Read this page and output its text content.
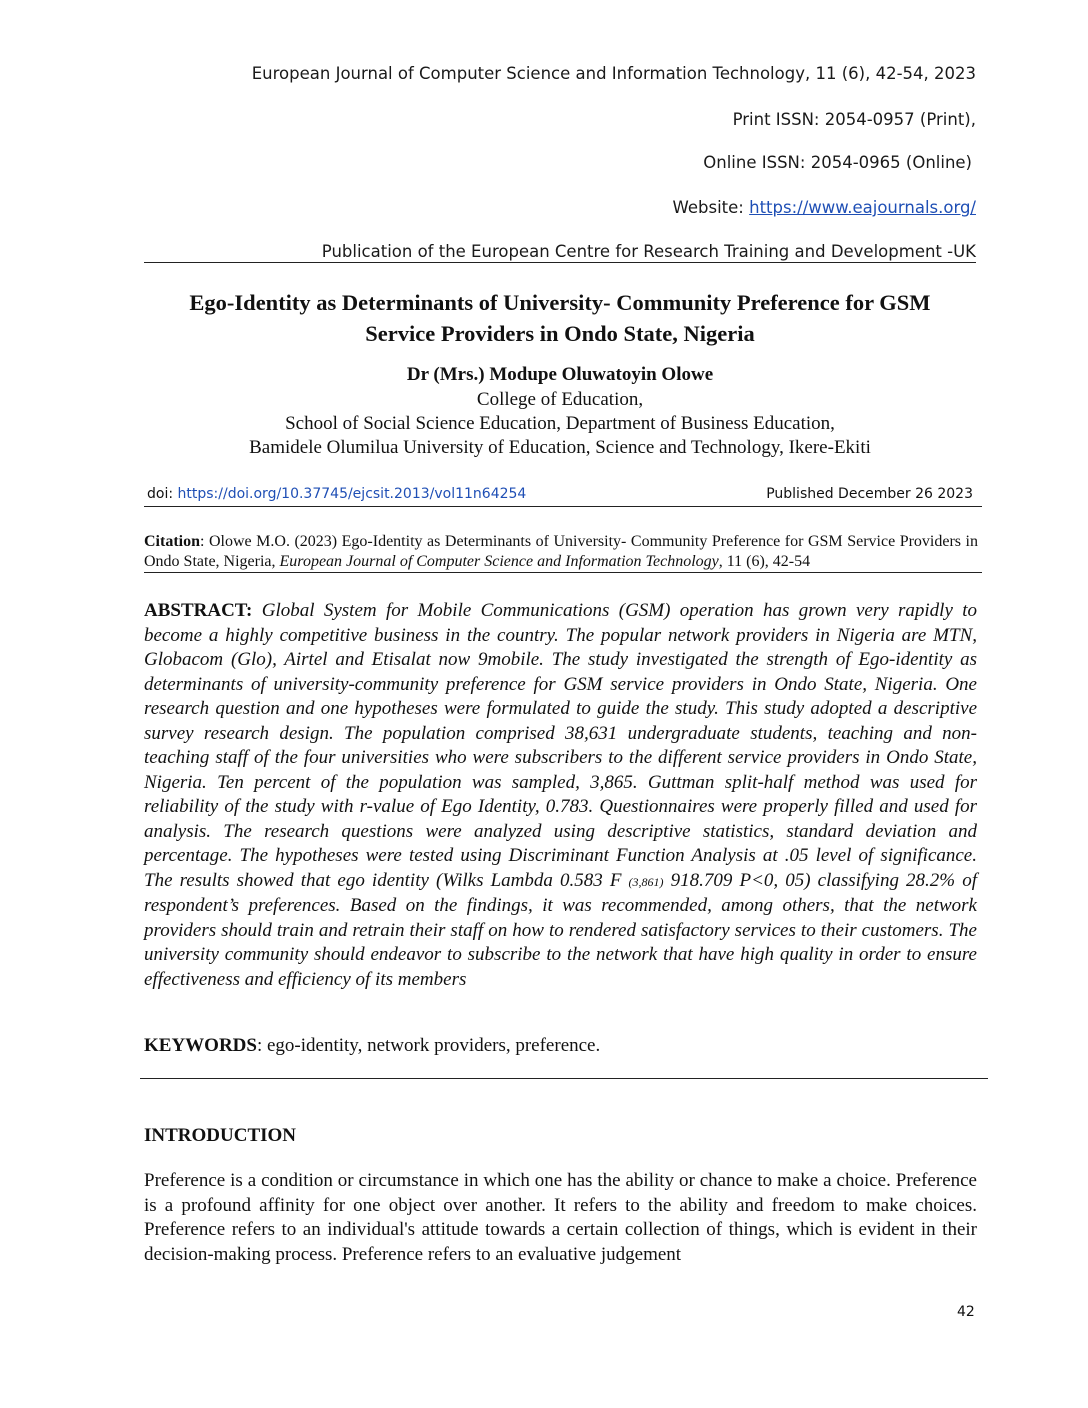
European Journal of Computer Science and Information Technology, 11 (6), 42-54, 2023
Print ISSN: 2054-0957 (Print),
Online ISSN: 2054-0965 (Online)
Website: https://www.eajournals.org/
Publication of the European Centre for Research Training and Development -UK
Ego-Identity as Determinants of University- Community Preference for GSM
Service Providers in Ondo State, Nigeria
Dr (Mrs.) Modupe Oluwatoyin Olowe
College of Education,
School of Social Science Education, Department of Business Education,
Bamidele Olumilua University of Education, Science and Technology, Ikere-Ekiti
doi: https://doi.org/10.37745/ejcsit.2013/vol11n64254	Published December 26 2023
Citation: Olowe M.O. (2023) Ego-Identity as Determinants of University- Community Preference for GSM Service Providers in Ondo State, Nigeria, European Journal of Computer Science and Information Technology, 11 (6), 42-54
ABSTRACT: Global System for Mobile Communications (GSM) operation has grown very rapidly to become a highly competitive business in the country. The popular network providers in Nigeria are MTN, Globacom (Glo), Airtel and Etisalat now 9mobile. The study investigated the strength of Ego-identity as determinants of university-community preference for GSM service providers in Ondo State, Nigeria. One research question and one hypotheses were formulated to guide the study. This study adopted a descriptive survey research design. The population comprised 38,631 undergraduate students, teaching and non-teaching staff of the four universities who were subscribers to the different service providers in Ondo State, Nigeria. Ten percent of the population was sampled, 3,865. Guttman split-half method was used for reliability of the study with r-value of Ego Identity, 0.783. Questionnaires were properly filled and used for analysis. The research questions were analyzed using descriptive statistics, standard deviation and percentage. The hypotheses were tested using Discriminant Function Analysis at .05 level of significance. The results showed that ego identity (Wilks Lambda 0.583 F (3,861) 918.709 P<0, 05) classifying 28.2% of respondent’s preferences. Based on the findings, it was recommended, among others, that the network providers should train and retrain their staff on how to rendered satisfactory services to their customers. The university community should endeavor to subscribe to the network that have high quality in order to ensure effectiveness and efficiency of its members
KEYWORDS: ego-identity, network providers, preference.
INTRODUCTION
Preference is a condition or circumstance in which one has the ability or chance to make a choice. Preference is a profound affinity for one object over another. It refers to the ability and freedom to make choices. Preference refers to an individual's attitude towards a certain collection of things, which is evident in their decision-making process. Preference refers to an evaluative judgement
42
